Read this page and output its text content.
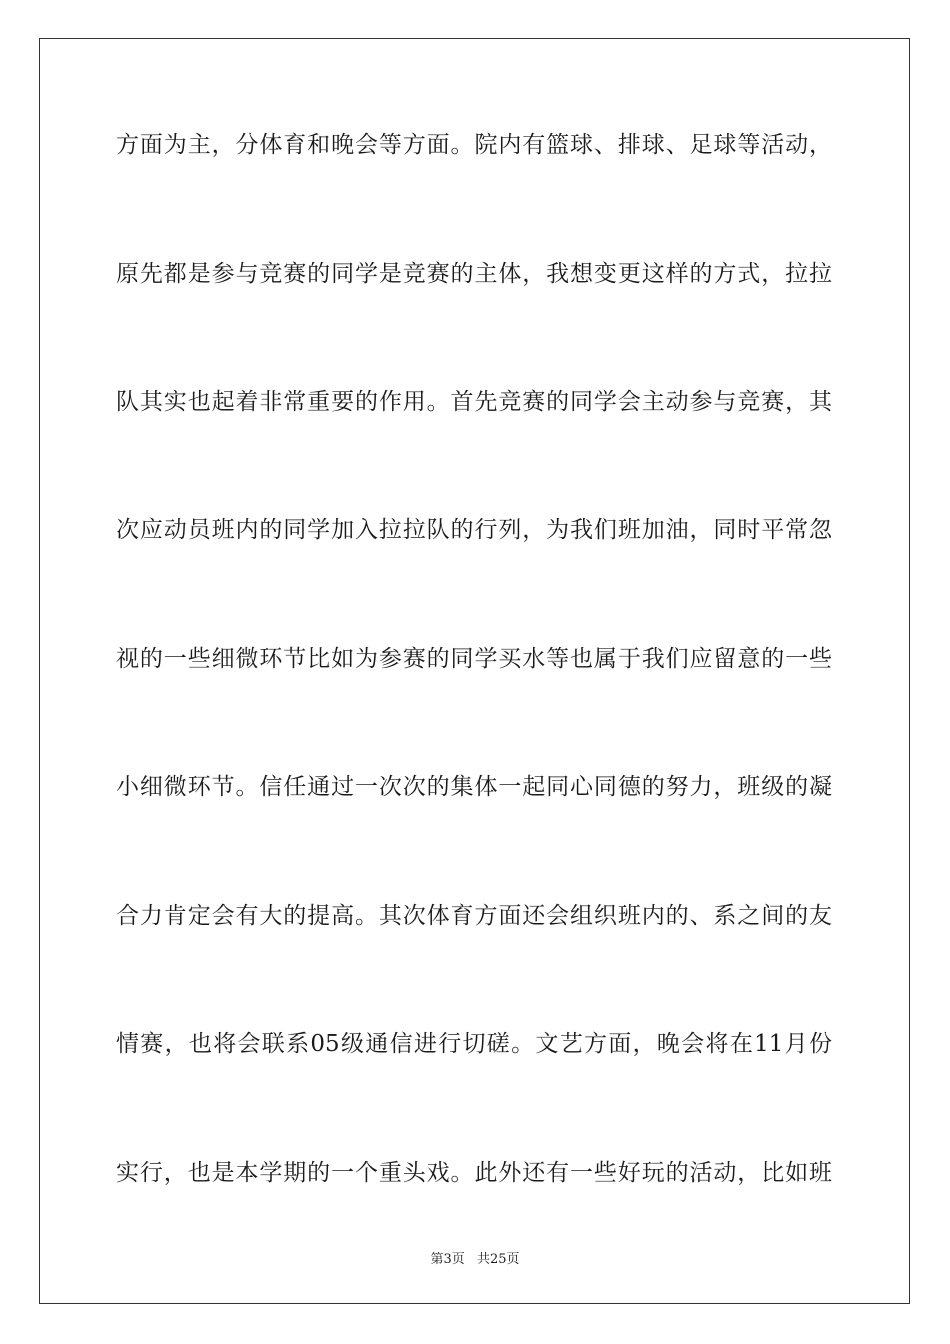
方面为主，分体育和晚会等方面。院内有篮球、排球、足球等活动，
原先都是参与竞赛的同学是竞赛的主体，我想变更这样的方式，拉拉
队其实也起着非常重要的作用。首先竞赛的同学会主动参与竞赛，其
次应动员班内的同学加入拉拉队的行列，为我们班加油，同时平常忽
视的一些细微环节比如为参赛的同学买水等也属于我们应留意的一些
小细微环节。信任通过一次次的集体一起同心同德的努力，班级的凝
合力肯定会有大的提高。其次体育方面还会组织班内的、系之间的友
情赛，也将会联系05级通信进行切磋。文艺方面，晚会将在11月份
实行，也是本学期的一个重头戏。此外还有一些好玩的活动，比如班
第3页 共25页
